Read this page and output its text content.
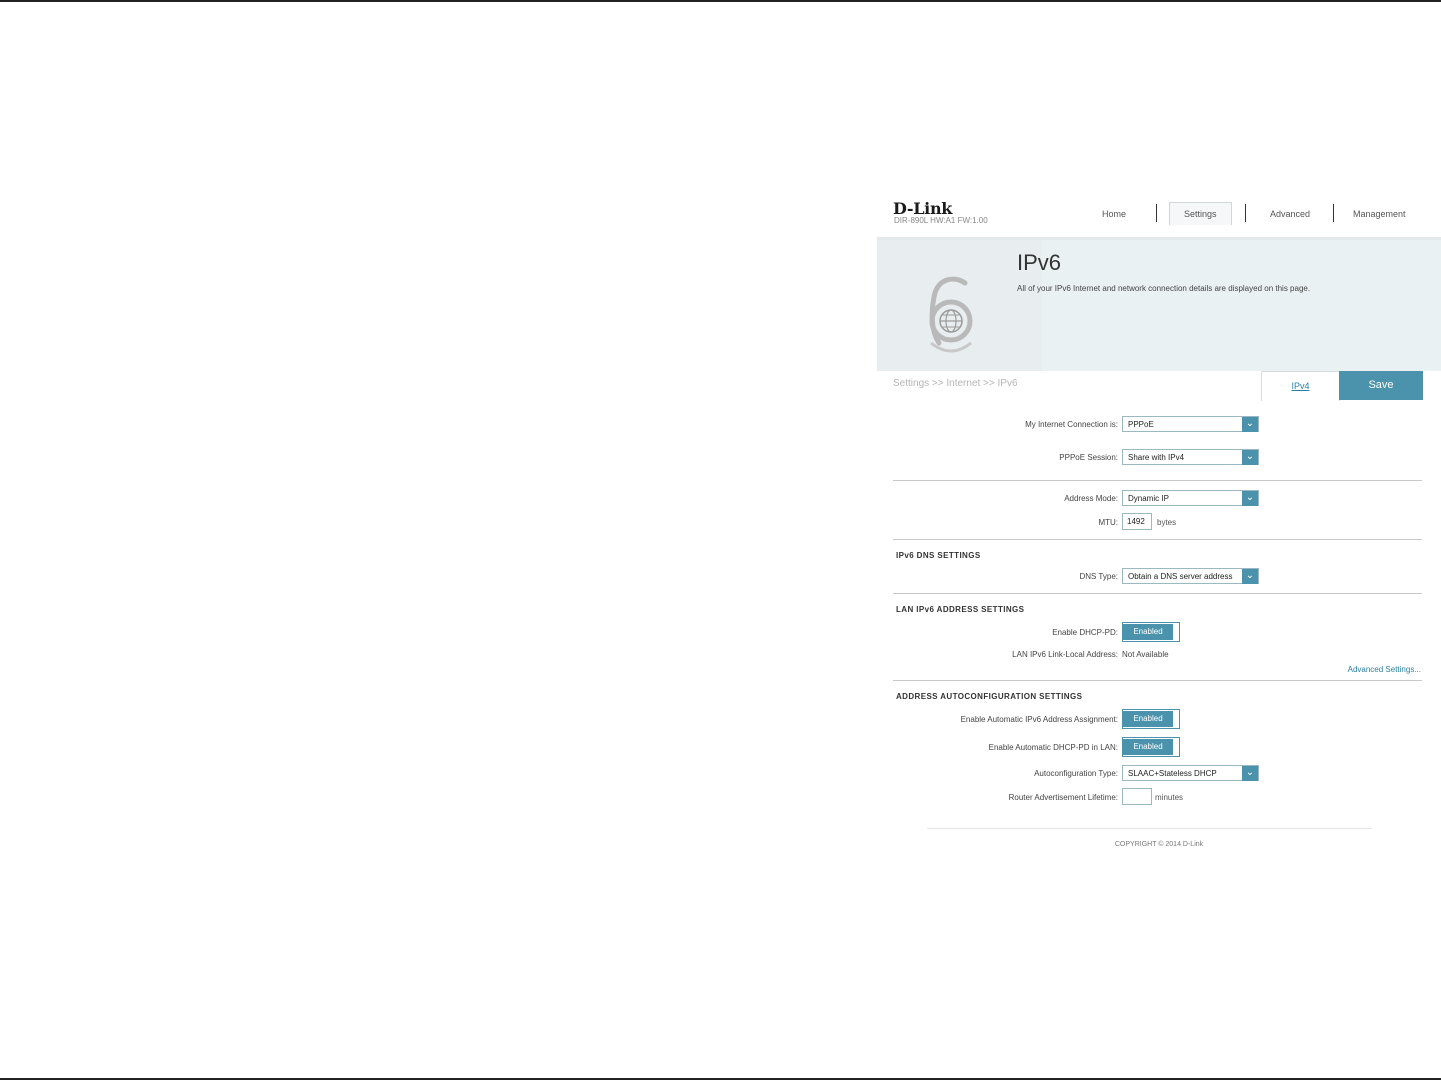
D-Link
DIR-890L HW:A1 FW:1.00
Home	Settings	Advanced	Management
IPv6
All of your IPv6 Internet and network connection details are displayed on this page.
Settings >> Internet >> IPv6	IPv4	Save
My Internet Connection is:	PPPoE	⌄
PPPoE Session:	Share with IPv4	⌄
Address Mode:	Dynamic IP	⌄
MTU:	1492	bytes
IPv6 DNS SETTINGS
DNS Type:	Obtain a DNS server address	⌄
LAN IPv6 ADDRESS SETTINGS
Enable DHCP-PD:	Enabled
LAN IPv6 Link-Local Address: Not Available
Advanced Settings...
ADDRESS AUTOCONFIGURATION SETTINGS
Enable Automatic IPv6 Address Assignment:	Enabled
Enable Automatic DHCP-PD in LAN:	Enabled
Autoconfiguration Type:	SLAAC+Stateless DHCP	⌄
Router Advertisement Lifetime:	minutes
COPYRIGHT © 2014 D-Link
